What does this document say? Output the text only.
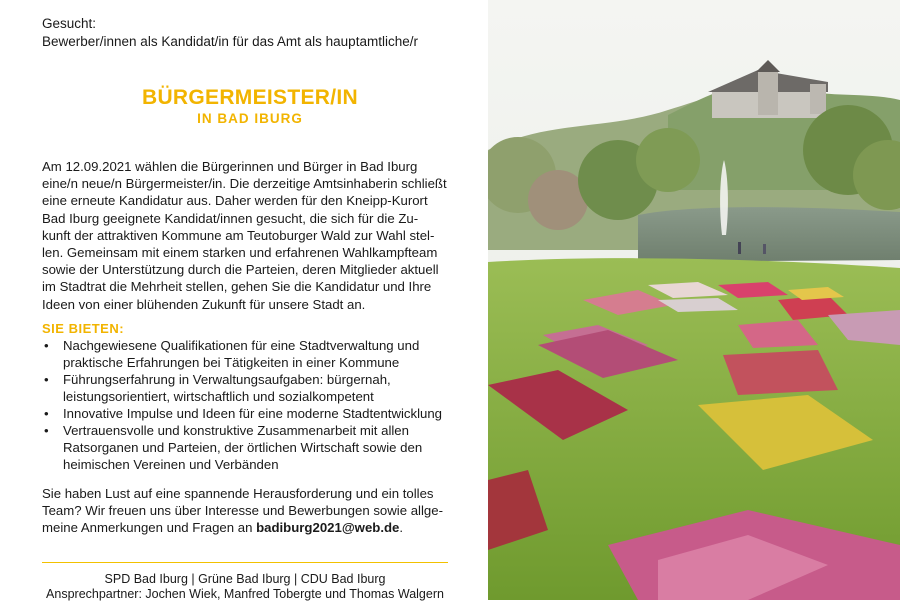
Gesucht:
Bewerber/innen als Kandidat/in für das Amt als hauptamtliche/r
BÜRGERMEISTER/IN
IN BAD IBURG

Am 12.09.2021 wählen die Bürgerinnen und Bürger in Bad Iburg

eine/n neue/n Bürgermeister/in. Die derzeitige Amtsinhaberin schließt

eine erneute Kandidatur aus. Daher werden für den Kneipp-Kurort

Bad Iburg geeignete Kandidat/innen gesucht, die sich für die Zu-

kunft der attraktiven Kommune am Teutoburger Wald zur Wahl stel-

len. Gemeinsam mit einem starken und erfahrenen Wahlkampfteam

sowie der Unterstützung durch die Parteien, deren Mitglieder aktuell

im Stadtrat die Mehrheit stellen, gehen Sie die Kandidatur und Ihre

Ideen von einer blühenden Zukunft für unsere Stadt an.

SIE BIETEN:
• Nachgewiesene Qualifikationen für eine Stadtverwaltung und
praktische Erfahrungen bei Tätigkeiten in einer Kommune
• Führungserfahrung in Verwaltungsaufgaben: bürgernah,
leistungsorientiert, wirtschaftlich und sozialkompetent
• Innovative Impulse und Ideen für eine moderne Stadtentwicklung
• Vertrauensvolle und konstruktive Zusammenarbeit mit allen
Ratsorganen und Parteien, der örtlichen Wirtschaft sowie den
heimischen Vereinen und Verbänden

Sie haben Lust auf eine spannende Herausforderung und ein tolles

Team? Wir freuen uns über Interesse und Bewerbungen sowie allge-

meine Anmerkungen und Fragen an badiburg2021@web.de.

SPD Bad Iburg | Grüne Bad Iburg | CDU Bad Iburg
Ansprechpartner: Jochen Wiek, Manfred Tobergte und Thomas Walgern
